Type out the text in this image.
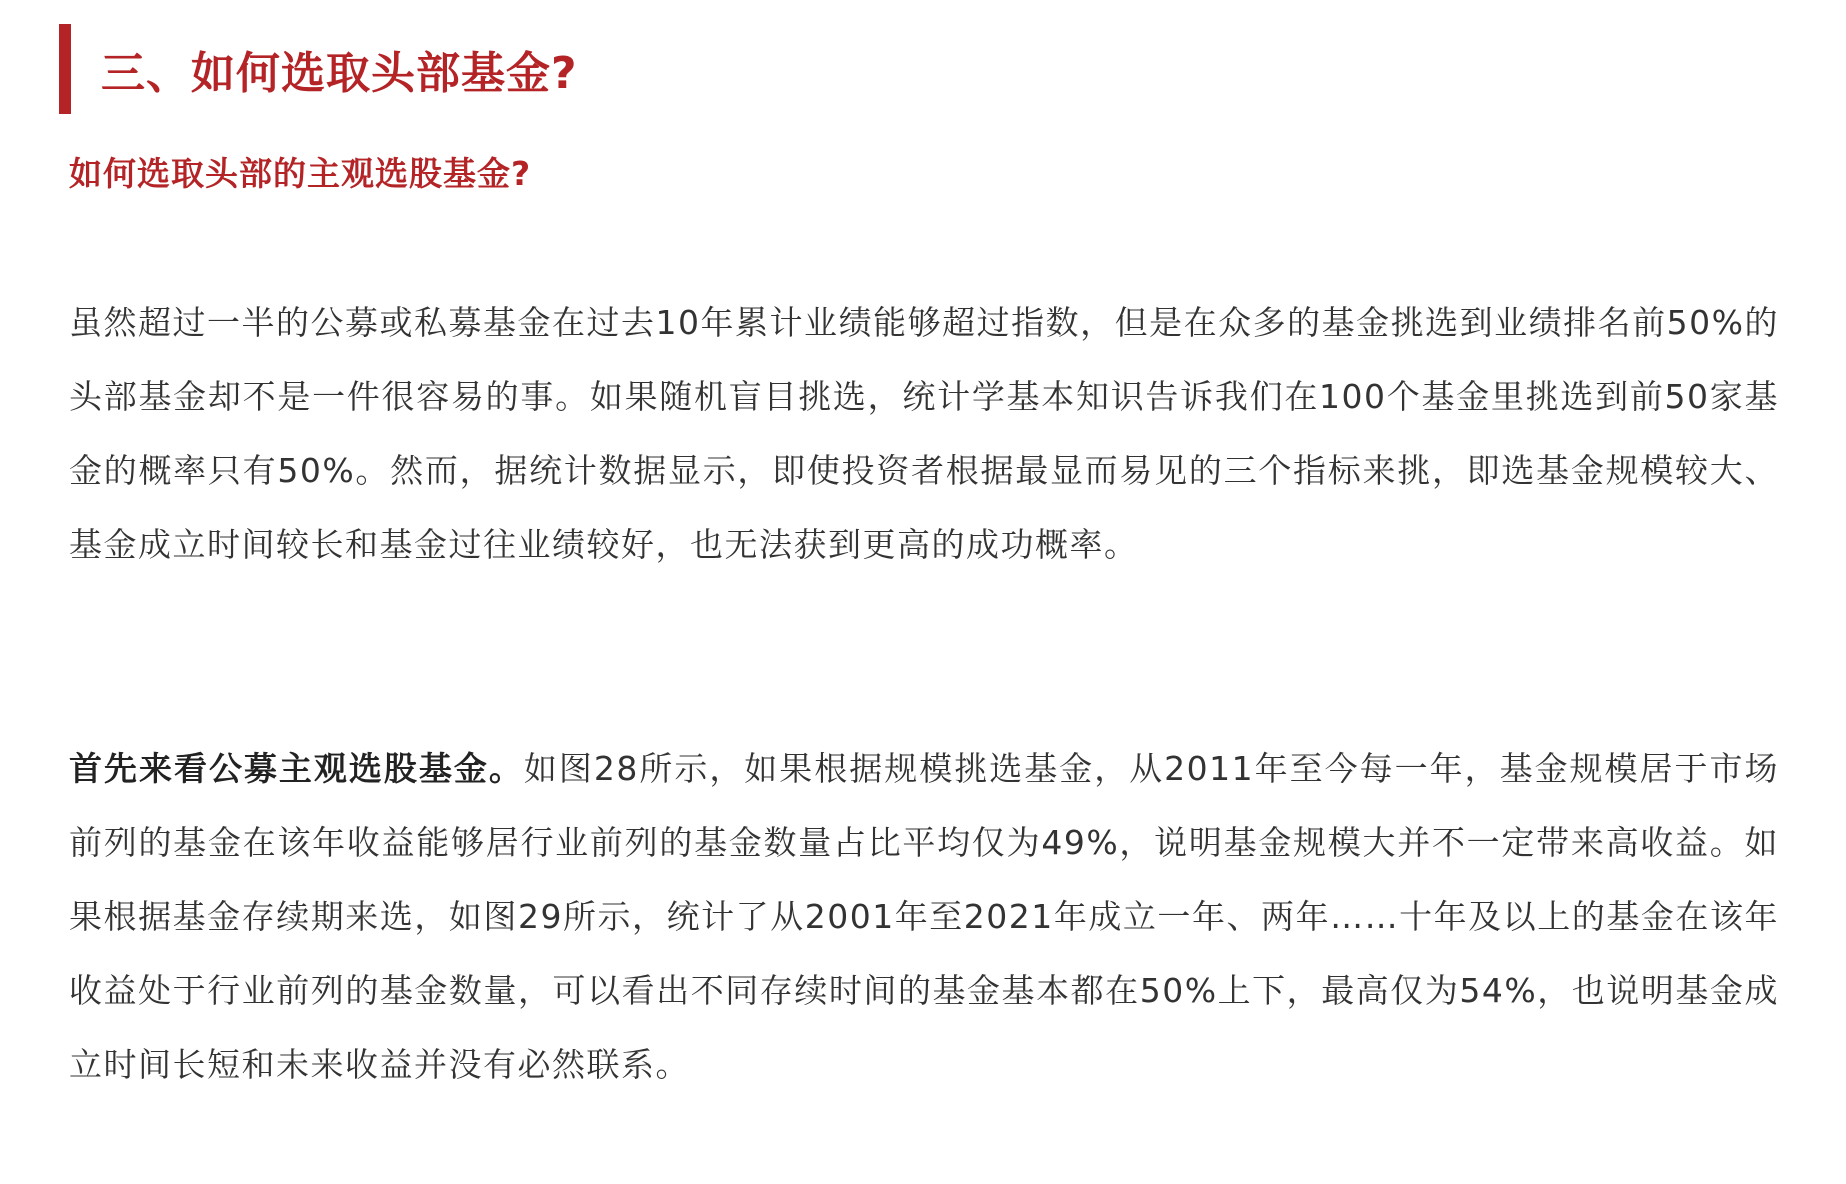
三、如何选取头部基金?
如何选取头部的主观选股基金?

虽然超过一半的公募或私募基金在过去10年累计业绩能够超过指数，但是在众多的基金挑选到业绩排名前50%的头部基金却不是一件很容易的事。如果随机盲目挑选，统计学基本知识告诉我们在100个基金里挑选到前50家基金的概率只有50%。然而，据统计数据显示，即使投资者根据最显而易见的三个指标来挑，即选基金规模较大、基金成立时间较长和基金过往业绩较好，也无法获到更高的成功概率。

首先来看公募主观选股基金。如图28所示，如果根据规模挑选基金，从2011年至今每一年，基金规模居于市场前列的基金在该年收益能够居行业前列的基金数量占比平均仅为49%，说明基金规模大并不一定带来高收益。如果根据基金存续期来选，如图29所示，统计了从2001年至2021年成立一年、两年……十年及以上的基金在该年收益处于行业前列的基金数量，可以看出不同存续时间的基金基本都在50%上下，最高仅为54%，也说明基金成立时间长短和未来收益并没有必然联系。
